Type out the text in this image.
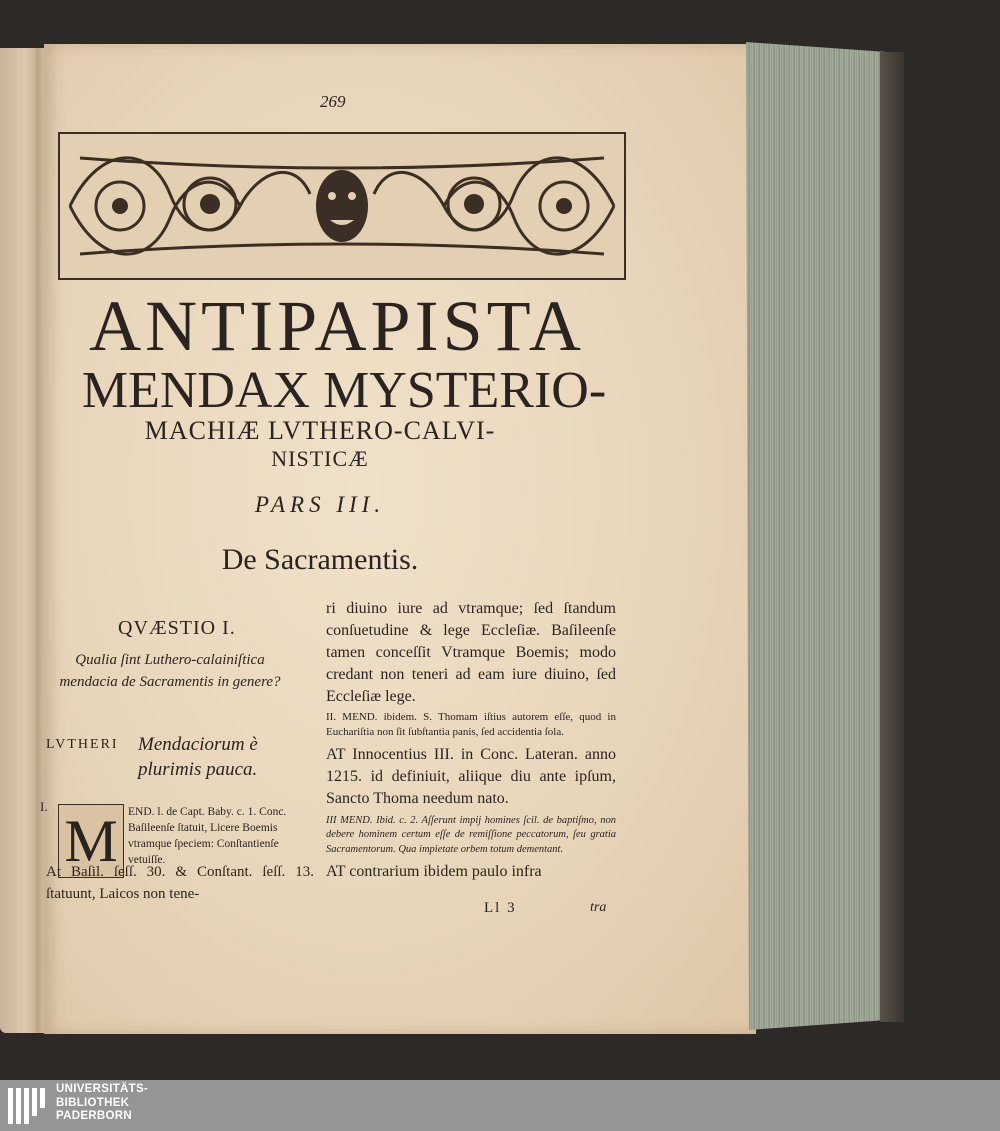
269
ANTIPAPISTA
MENDAX MYSTERIO-
MACHIÆ LVTHERO-CALVI-
NISTICÆ
PARS III.
De Sacramentis.
QVÆSTIO I.
Qualia ſint Luthero-calainiſtica mendacia de Sacramentis in genere?
LVTHERI Mendaciorum è plurimis pauca.
I.
M END. l. de Capt. Baby. c. 1. Conc. Baſileenſe ſtatuit, Licere Boemis vtramque ſpeciem: Conſtantienſe vetuiſſe.
At Baſil. ſeſſ. 30. & Conſtant. ſeſſ. 13. ſtatuunt, Laicos non tene-

ri diuino iure ad vtramque; ſed ſtandum conſuetudine & lege Eccleſiæ. Baſileenſe tamen conceſſit Vtramque Boemis; modo credant non teneri ad eam iure diuino, ſed Eccleſiæ lege.

II. MEND. ibidem. S. Thomam iſtius autorem eſſe, quod in Euchariſtia non ſit ſubſtantia panis, ſed accidentia ſola.

AT Innocentius III. in Conc. Lateran. anno 1215. id definiuit, aliique diu ante ipſum, Sancto Thoma needum nato.

III MEND. Ibid. c. 2. Aſſerunt impij homines ſcil. de baptiſmo, non debere hominem certum eſſe de remiſſione peccatorum, ſeu gratia Sacramentorum. Qua impietate orbem totum dementant.

AT contrarium ibidem paulo infra

Ll 3	tra
UNIVERSITÄTS-
BIBLIOTHEK
PADERBORN
